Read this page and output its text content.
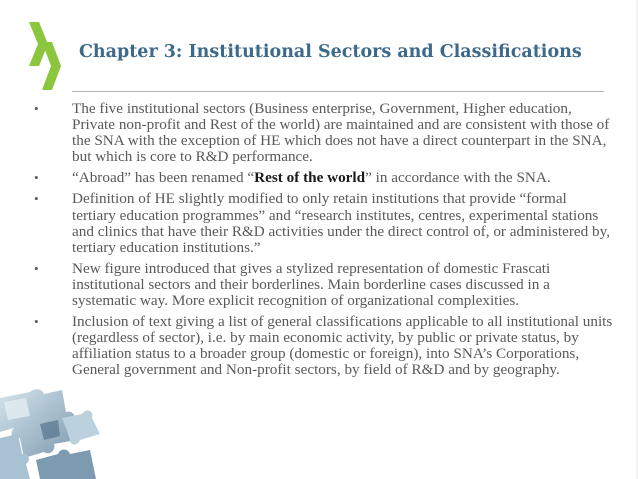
Chapter 3: Institutional Sectors and Classifications
• The five institutional sectors (Business enterprise, Government, Higher education, Private non-profit and Rest of the world) are maintained and are consistent with those of the SNA with the exception of HE which does not have a direct counterpart in the SNA, but which is core to R&D performance.
• “Abroad” has been renamed “Rest of the world” in accordance with the SNA.
• Definition of HE slightly modified to only retain institutions that provide “formal tertiary education programmes” and “research institutes, centres, experimental stations and clinics that have their R&D activities under the direct control of, or administered by, tertiary education institutions.”
• New figure introduced that gives a stylized representation of domestic Frascati institutional sectors and their borderlines. Main borderline cases discussed in a systematic way. More explicit recognition of organizational complexities.
• Inclusion of text giving a list of general classifications applicable to all institutional units (regardless of sector), i.e. by main economic activity, by public or private status, by affiliation status to a broader group (domestic or foreign), into SNA’s Corporations, General government and Non-profit sectors, by field of R&D and by geography.
